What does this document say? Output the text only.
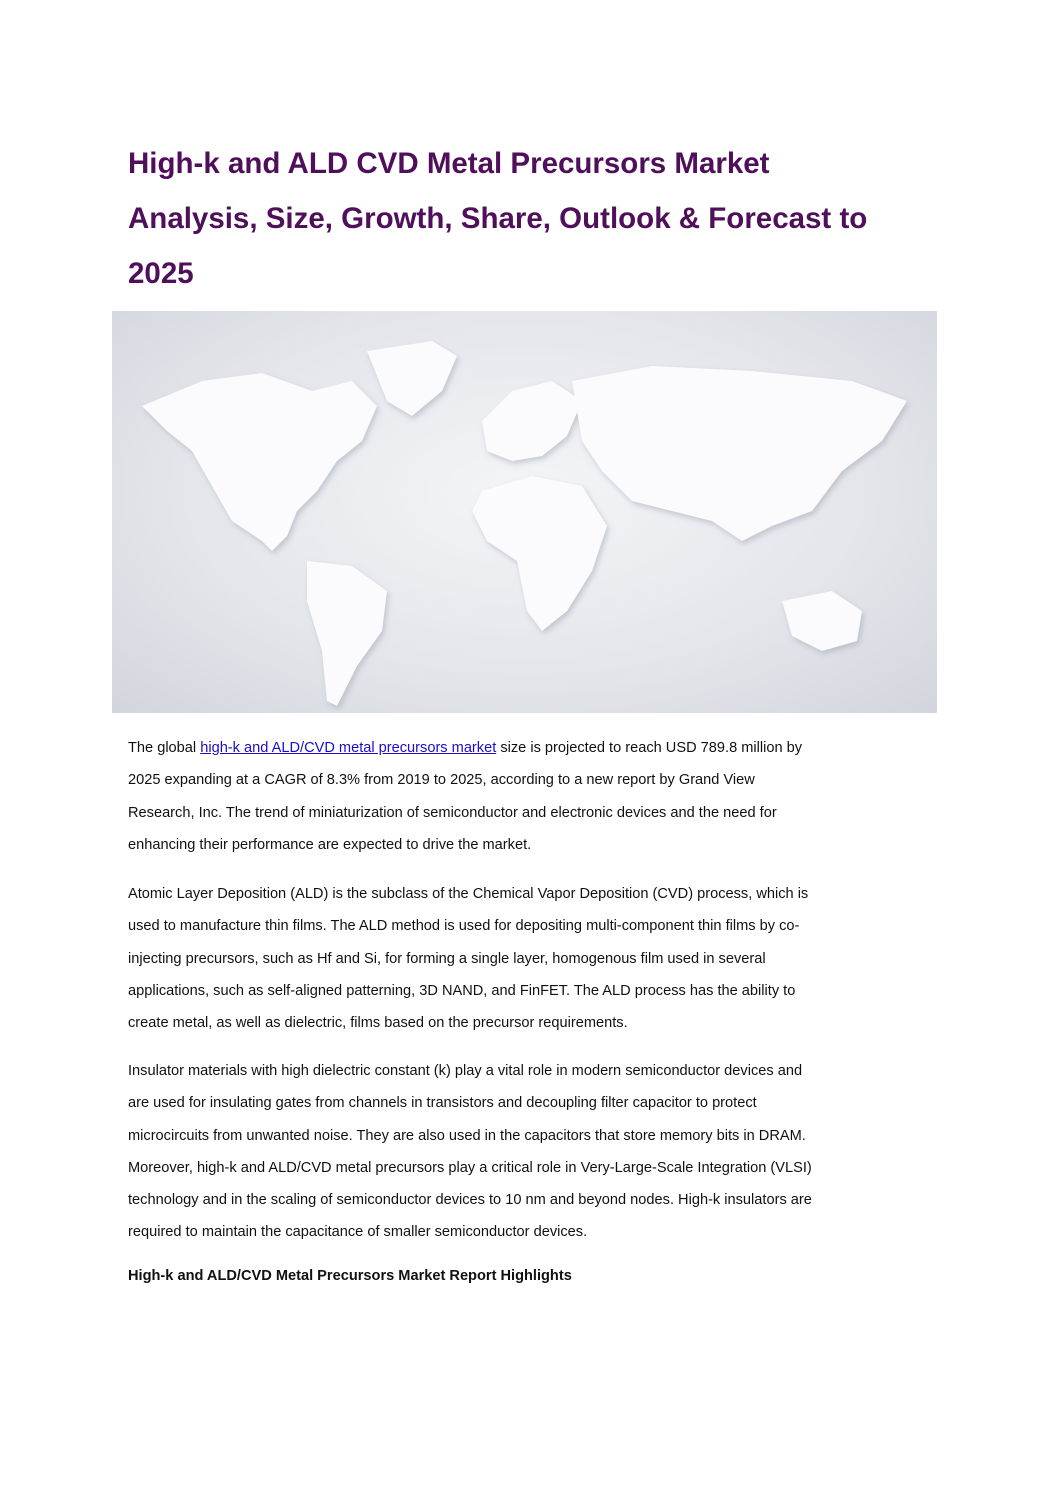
High-k and ALD CVD Metal Precursors Market
Analysis, Size, Growth, Share, Outlook & Forecast to
2025

The global high-k and ALD/CVD metal precursors market size is projected to reach USD 789.8 million by
2025 expanding at a CAGR of 8.3% from 2019 to 2025, according to a new report by Grand View
Research, Inc. The trend of miniaturization of semiconductor and electronic devices and the need for
enhancing their performance are expected to drive the market.

Atomic Layer Deposition (ALD) is the subclass of the Chemical Vapor Deposition (CVD) process, which is
used to manufacture thin films. The ALD method is used for depositing multi-component thin films by co-
injecting precursors, such as Hf and Si, for forming a single layer, homogenous film used in several
applications, such as self-aligned patterning, 3D NAND, and FinFET. The ALD process has the ability to
create metal, as well as dielectric, films based on the precursor requirements.

Insulator materials with high dielectric constant (k) play a vital role in modern semiconductor devices and
are used for insulating gates from channels in transistors and decoupling filter capacitor to protect
microcircuits from unwanted noise. They are also used in the capacitors that store memory bits in DRAM.
Moreover, high-k and ALD/CVD metal precursors play a critical role in Very-Large-Scale Integration (VLSI)
technology and in the scaling of semiconductor devices to 10 nm and beyond nodes. High-k insulators are
required to maintain the capacitance of smaller semiconductor devices.

High-k and ALD/CVD Metal Precursors Market Report Highlights
